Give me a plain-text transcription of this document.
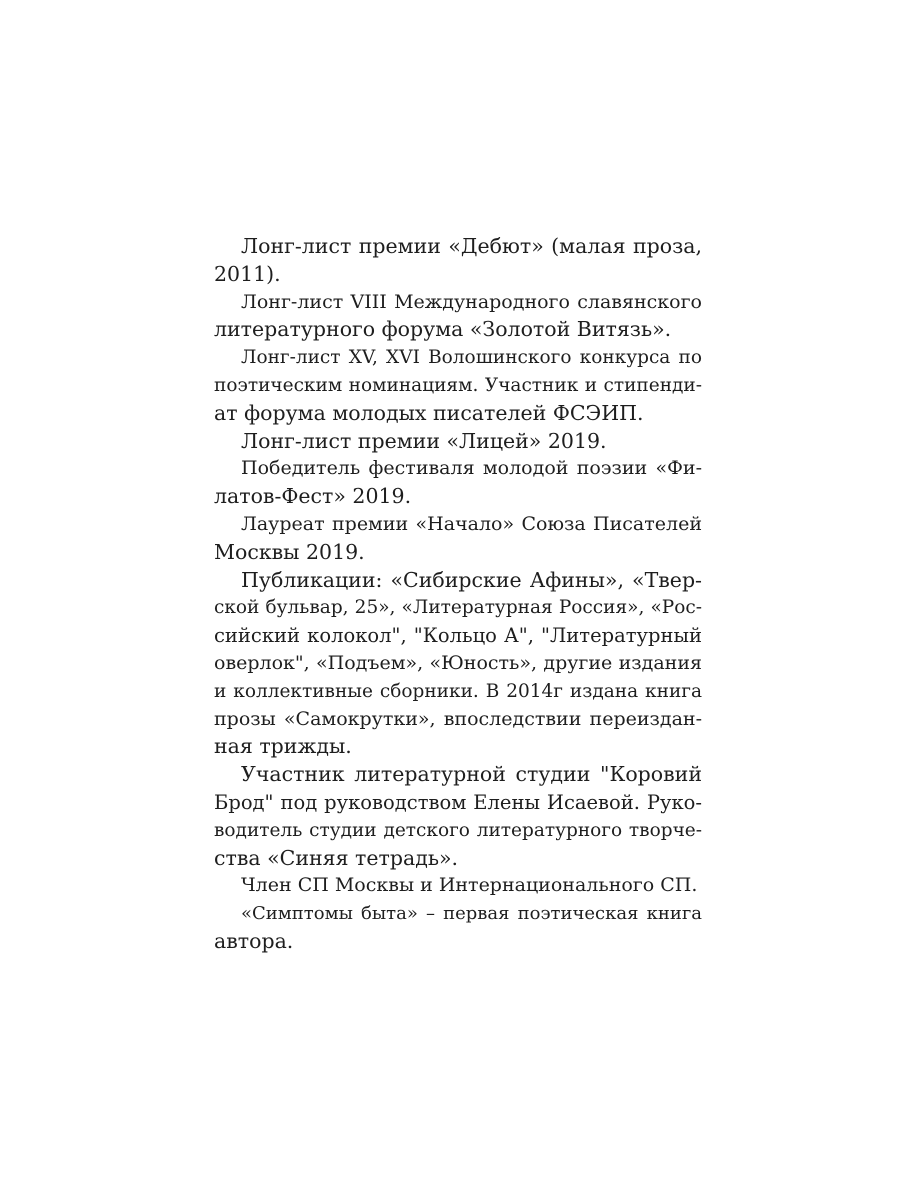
Лонг-лист премии «Дебют» (малая проза,
2011).
Лонг-лист VIII Международного славянского
литературного форума «Золотой Витязь».
Лонг-лист XV, XVI Волошинского конкурса по
поэтическим номинациям. Участник и стипенди-
ат форума молодых писателей ФСЭИП.
Лонг-лист премии «Лицей» 2019.
Победитель фестиваля молодой поэзии «Фи-
латов-Фест» 2019.
Лауреат премии «Начало» Союза Писателей
Москвы 2019.
Публикации: «Сибирские Афины», «Твер-
ской бульвар, 25», «Литературная Россия», «Рос-
сийский колокол", "Кольцо А", "Литературный
оверлок", «Подъем», «Юность», другие издания
и коллективные сборники. В 2014г издана книга
прозы «Самокрутки», впоследствии переиздан-
ная трижды.
Участник литературной студии "Коровий
Брод" под руководством Елены Исаевой. Руко-
водитель студии детского литературного творче-
ства «Синяя тетрадь».
Член СП Москвы и Интернационального СП.
«Симптомы быта» – первая поэтическая книга
автора.
